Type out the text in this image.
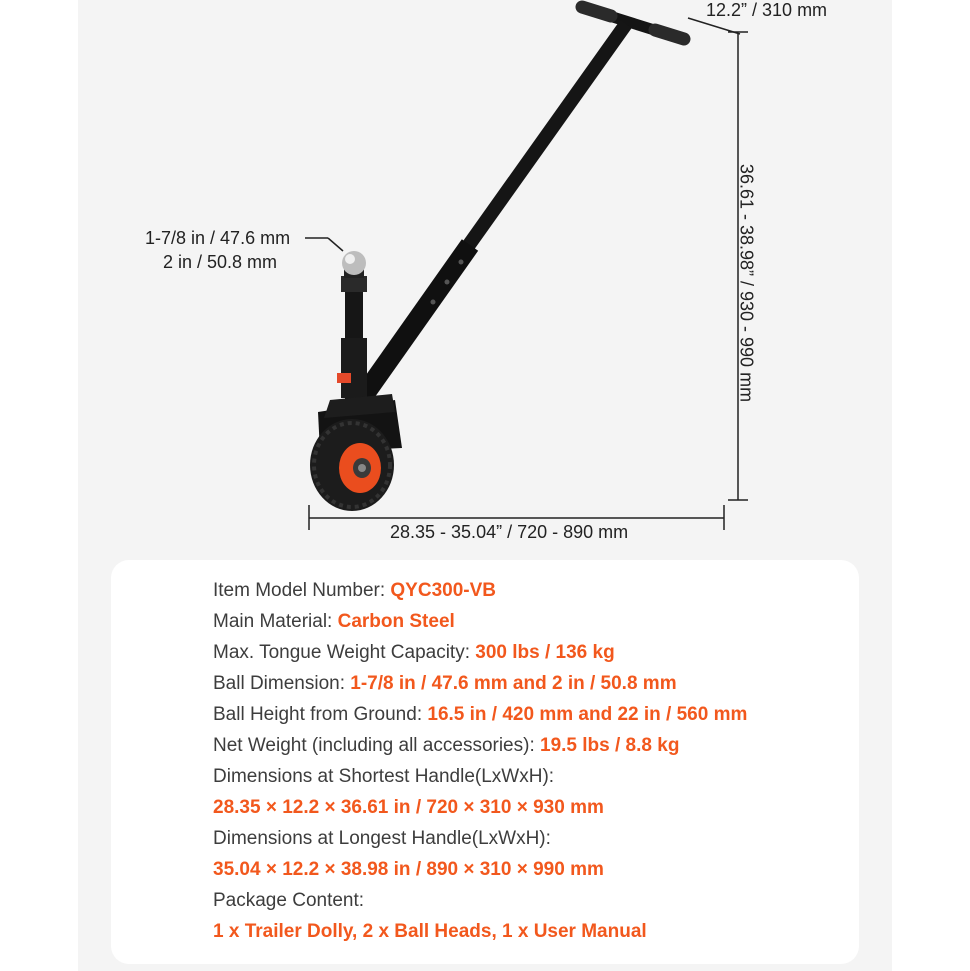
12.2” / 310 mm
36.61 - 38.98” / 930 - 990 mm
28.35 - 35.04” / 720 - 890 mm
1-7/8 in / 47.6 mm
2 in / 50.8 mm
Item Model Number: QYC300-VB
Main Material: Carbon Steel
Max. Tongue Weight Capacity: 300 lbs / 136 kg
Ball Dimension: 1-7/8 in / 47.6 mm and 2 in / 50.8 mm
Ball Height from Ground: 16.5 in / 420 mm and 22 in / 560 mm
Net Weight (including all accessories): 19.5 lbs / 8.8 kg
Dimensions at Shortest Handle(LxWxH):
28.35 × 12.2 × 36.61 in / 720 × 310 × 930 mm
Dimensions at Longest Handle(LxWxH):
35.04 × 12.2 × 38.98 in / 890 × 310 × 990 mm
Package Content:
1 x Trailer Dolly, 2 x Ball Heads, 1 x User Manual
